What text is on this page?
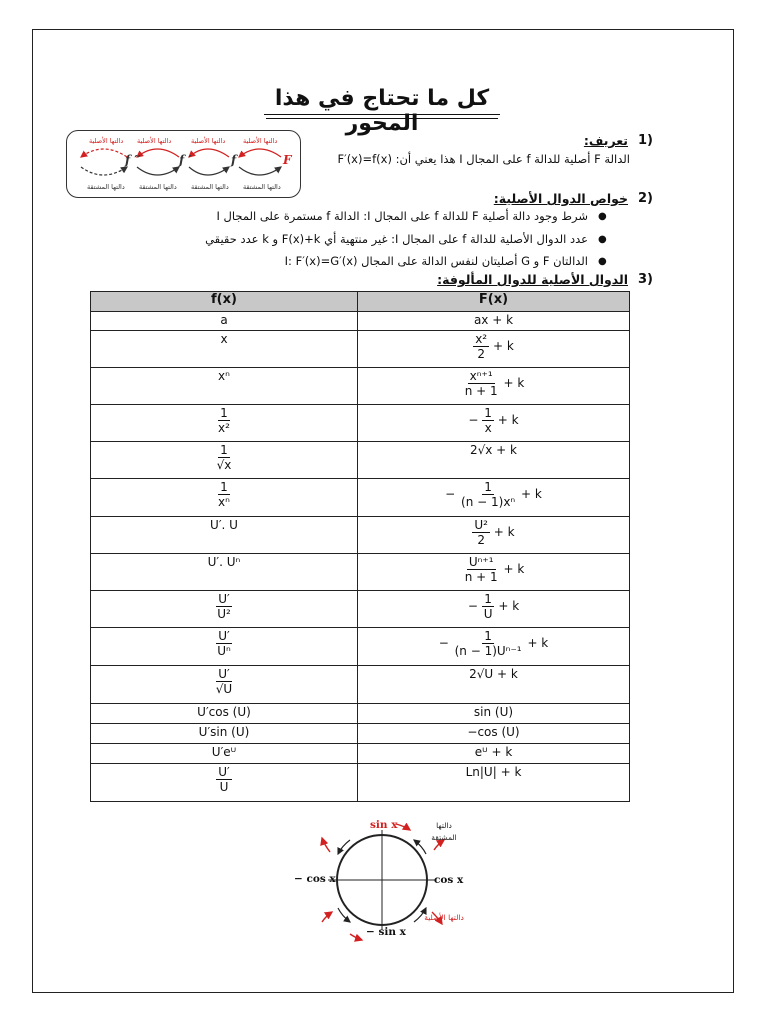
كل ما تحتاج في هذا المحور
1)
تعريف:
الدالة F أصلية للدالة f على المجال I هذا يعني أن: F′(x)=f(x)
دالتها الأصلية دالتها الأصلية	دالتها الأصلية	دالتها الأصلية
f ′′	f ′	f	F
دالتها المشتقة دالتها المشتقة دالتها المشتقة دالتها المشتقة
2)
خواص الدوال الأصلية:
●
شرط وجود دالة أصلية F للدالة f على المجال I: الدالة f مستمرة على المجال I
●
عدد الدوال الأصلية للدالة f على المجال I: غير منتهية أي F(x)+k و k عدد حقيقي
●
الدالتان F و G أصليتان لنفس الدالة على المجال I: F′(x)=G′(x)
3)
الدوال الأصلية للدوال المألوفة:
f(x)	F(x)

a	ax + k

x	$\frac{\text{x²}}{2} + k$

xⁿ	$\frac{\text{xⁿ⁺¹}}{n + 1} + k$

$\frac{1}{\text{x²}}$	− $\frac{1}{x} + k$

$\frac{1}{√x}$	2√x + k

$\frac{1}{\text{xⁿ}}$	− $\frac{1}{\text{(n − 1)xⁿ}} + k$

U′. U	$\frac{\text{U²}}{2} + k$

U′. Uⁿ	$\frac{\text{Uⁿ⁺¹}}{n + 1} + k$

$\frac{U'}{\text{U²}}$	− $\frac{1}{U} + k$

$\frac{U'}{\text{Uⁿ}}$	− $\frac{1}{\text{(n − 1)Uⁿ⁻¹}} + k$

$\frac{U'}{√U}$	2√U + k

U′cos (U)	sin (U)

U′sin (U)	−cos (U)

U′eᵁ	eᵁ + k

$\frac{U'}{U}$	Ln|U| + k
sin x
− sin x
− cos x	cos x
دالتها المشتقة
دالتها الأصلية
